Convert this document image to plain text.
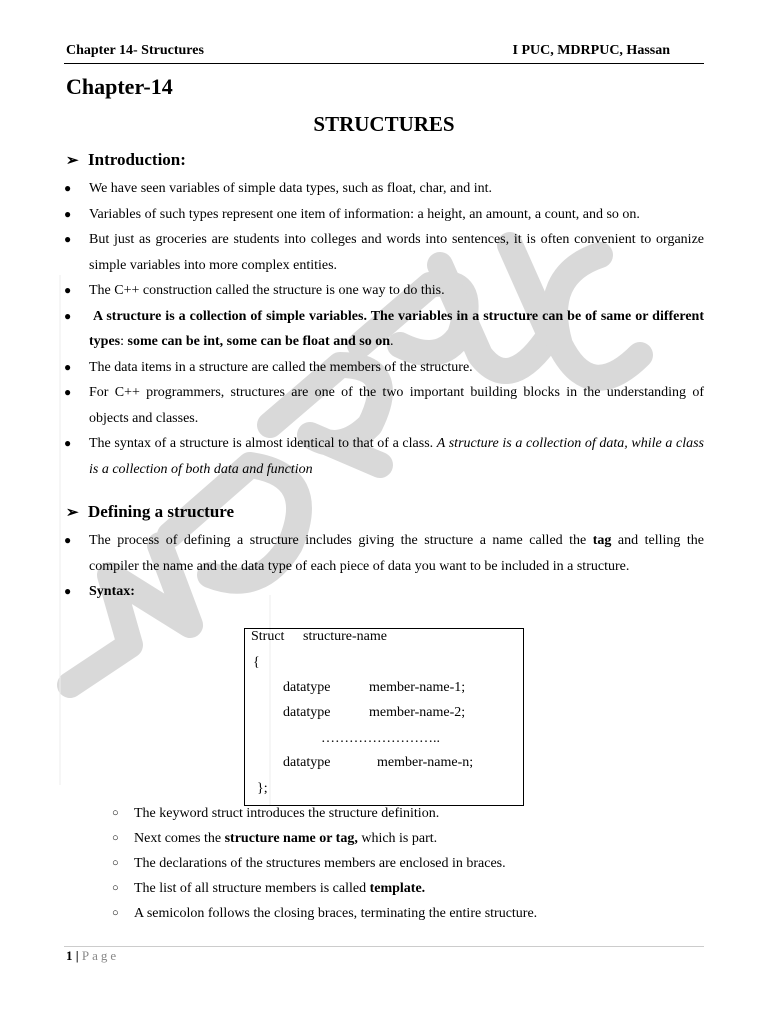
Chapter 14- Structures	I PUC, MDRPUC, Hassan
Chapter-14
STRUCTURES
➢ Introduction:
● We have seen variables of simple data types, such as float, char, and int.
● Variables of such types represent one item of information: a height, an amount, a count, and so on.
● But just as groceries are students into colleges and words into sentences, it is often convenient to organize simple variables into more complex entities.
● The C++ construction called the structure is one way to do this.
● A structure is a collection of simple variables. The variables in a structure can be of same or different types: some can be int, some can be float and so on.
● The data items in a structure are called the members of the structure.
● For C++ programmers, structures are one of the two important building blocks in the understanding of objects and classes.
● The syntax of a structure is almost identical to that of a class. A structure is a collection of data, while a class is a collection of both data and function
➢ Defining a structure
● The process of defining a structure includes giving the structure a name called the tag and telling the compiler the name and the data type of each piece of data you want to be included in a structure.
● Syntax:
Struct structure-name
{
datatype	member-name-1;
datatype	member-name-2;
……………………..
datatype	member-name-n;
};
○ The keyword struct introduces the structure definition.
○ Next comes the structure name or tag, which is part.
○ The declarations of the structures members are enclosed in braces.
○ The list of all structure members is called template.
○ A semicolon follows the closing braces, terminating the entire structure.
1 | Page
